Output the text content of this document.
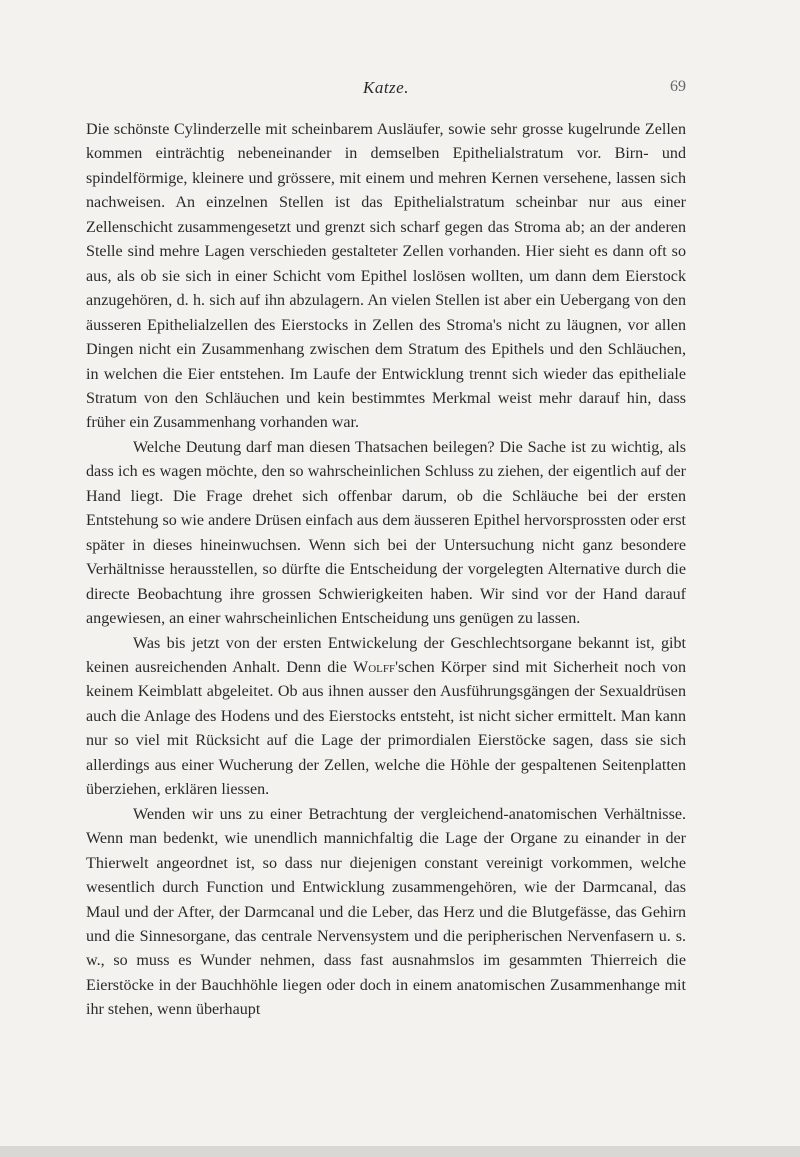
Katze.	69

Die schönste Cylinderzelle mit scheinbarem Ausläufer, sowie sehr grosse kugelrunde Zellen kommen einträchtig nebeneinander in demselben Epithelialstratum vor. Birn- und spindelförmige, kleinere und grössere, mit einem und mehren Kernen versehene, lassen sich nachweisen. An einzelnen Stellen ist das Epithelialstratum scheinbar nur aus einer Zellenschicht zusammengesetzt und grenzt sich scharf gegen das Stroma ab; an der anderen Stelle sind mehre Lagen verschieden gestalteter Zellen vorhanden. Hier sieht es dann oft so aus, als ob sie sich in einer Schicht vom Epithel loslösen wollten, um dann dem Eierstock anzugehören, d. h. sich auf ihn abzulagern. An vielen Stellen ist aber ein Uebergang von den äusseren Epithelialzellen des Eierstocks in Zellen des Stroma's nicht zu läugnen, vor allen Dingen nicht ein Zusammenhang zwischen dem Stratum des Epithels und den Schläuchen, in welchen die Eier entstehen. Im Laufe der Entwicklung trennt sich wieder das epitheliale Stratum von den Schläuchen und kein bestimmtes Merkmal weist mehr darauf hin, dass früher ein Zusammenhang vorhanden war.

Welche Deutung darf man diesen Thatsachen beilegen? Die Sache ist zu wichtig, als dass ich es wagen möchte, den so wahrscheinlichen Schluss zu ziehen, der eigentlich auf der Hand liegt. Die Frage drehet sich offenbar darum, ob die Schläuche bei der ersten Entstehung so wie andere Drüsen einfach aus dem äusseren Epithel hervorsprossten oder erst später in dieses hineinwuchsen. Wenn sich bei der Untersuchung nicht ganz besondere Verhältnisse herausstellen, so dürfte die Entscheidung der vorgelegten Alternative durch die directe Beobachtung ihre grossen Schwierigkeiten haben. Wir sind vor der Hand darauf angewiesen, an einer wahrscheinlichen Entscheidung uns genügen zu lassen.

Was bis jetzt von der ersten Entwickelung der Geschlechtsorgane bekannt ist, gibt keinen ausreichenden Anhalt. Denn die Wolff'schen Körper sind mit Sicherheit noch von keinem Keimblatt abgeleitet. Ob aus ihnen ausser den Ausführungsgängen der Sexualdrüsen auch die Anlage des Hodens und des Eierstocks entsteht, ist nicht sicher ermittelt. Man kann nur so viel mit Rücksicht auf die Lage der primordialen Eierstöcke sagen, dass sie sich allerdings aus einer Wucherung der Zellen, welche die Höhle der gespaltenen Seitenplatten überziehen, erklären liessen.

Wenden wir uns zu einer Betrachtung der vergleichend-anatomischen Verhältnisse. Wenn man bedenkt, wie unendlich mannichfaltig die Lage der Organe zu einander in der Thierwelt angeordnet ist, so dass nur diejenigen constant vereinigt vorkommen, welche wesentlich durch Function und Entwicklung zusammengehören, wie der Darmcanal, das Maul und der After, der Darmcanal und die Leber, das Herz und die Blutgefässe, das Gehirn und die Sinnesorgane, das centrale Nervensystem und die peripherischen Nervenfasern u. s. w., so muss es Wunder nehmen, dass fast ausnahmslos im gesammten Thierreich die Eierstöcke in der Bauchhöhle liegen oder doch in einem anatomischen Zusammenhange mit ihr stehen, wenn überhaupt
